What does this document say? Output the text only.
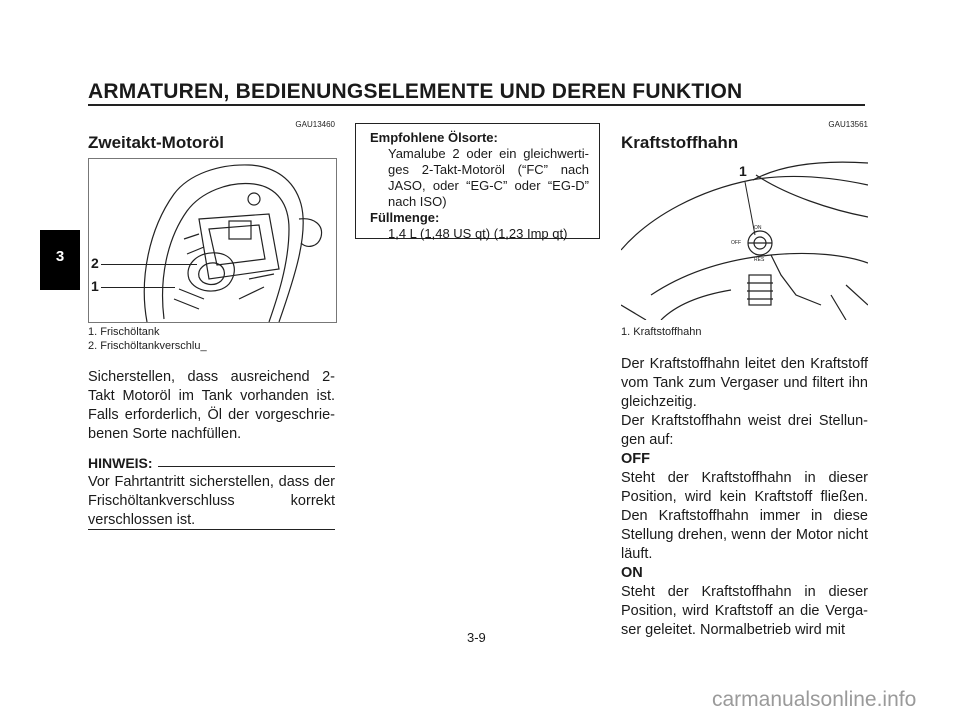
ARMATUREN, BEDIENUNGSELEMENTE UND DEREN FUNKTION
3
GAU13460
Zweitakt-Motoröl
2
1
1. Frischöltank
2. Frischöltankverschlu_
Sicherstellen, dass ausreichend 2-Takt Motoröl im Tank vorhanden ist. Falls erforderlich, Öl der vorgeschrie-benen Sorte nachfüllen.
HINWEIS:
Vor Fahrtantritt sicherstellen, dass der Frischöltankverschluss korrekt verschlossen ist.
Empfohlene Ölsorte:
Yamalube 2 oder ein gleichwerti-ges 2-Takt-Motoröl (“FC” nach JASO, oder “EG-C” oder “EG-D” nach ISO)
Füllmenge:
1,4 L (1,48 US qt) (1,23 Imp qt)
GAU13561
Kraftstoffhahn
1
ON
OFF
RES
1. Kraftstoffhahn

Der Kraftstoffhahn leitet den Kraftstoff vom Tank zum Vergaser und filtert ihn gleichzeitig.

Der Kraftstoffhahn weist drei Stellun-gen auf:

OFF

Steht der Kraftstoffhahn in dieser Position, wird kein Kraftstoff fließen. Den Kraftstoffhahn immer in diese Stellung drehen, wenn der Motor nicht läuft.

ON

Steht der Kraftstoffhahn in dieser Position, wird Kraftstoff an die Verga-ser geleitet. Normalbetrieb wird mit

3-9
carmanualsonline.info
